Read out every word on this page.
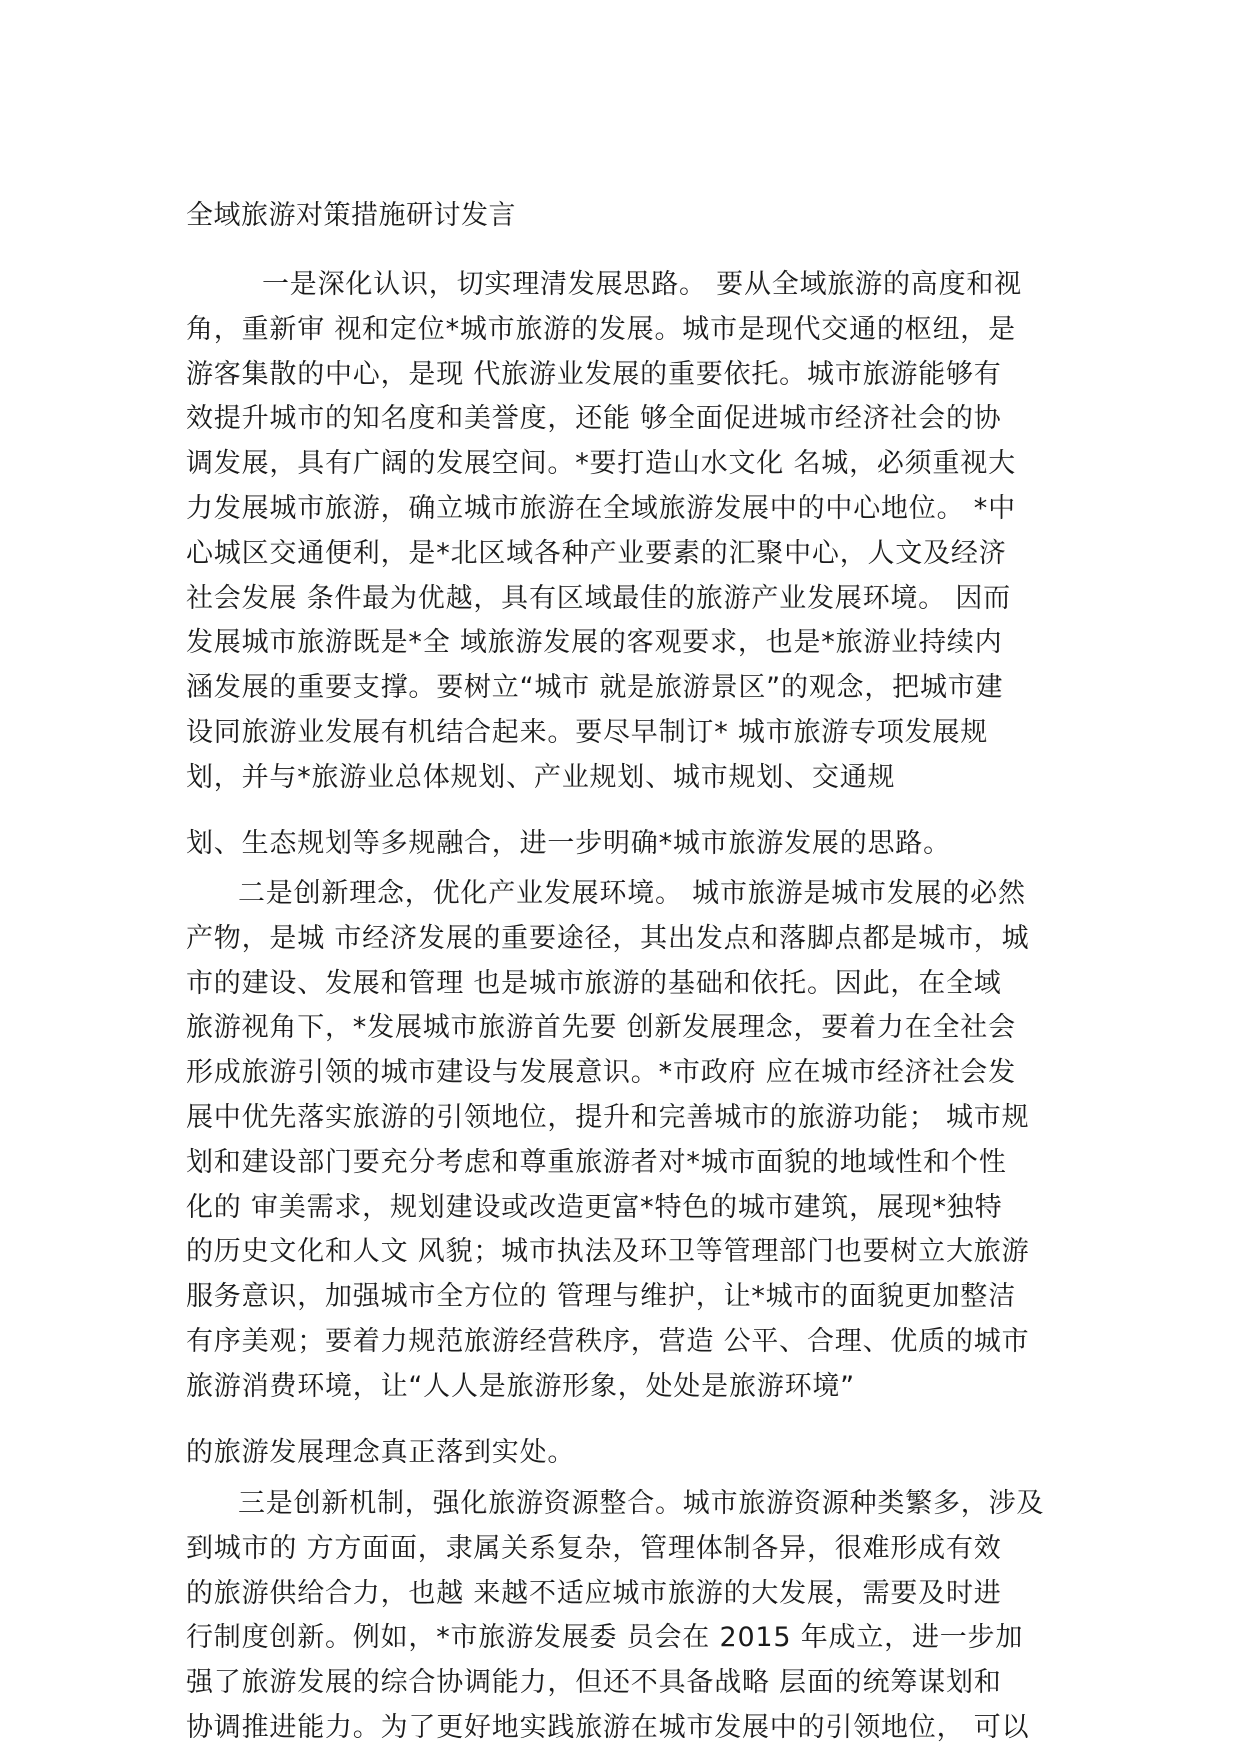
全域旅游对策措施研讨发言
一是深化认识，切实理清发展思路。 要从全域旅游的高度和视
角，重新审 视和定位*城市旅游的发展。城市是现代交通的枢纽，是
游客集散的中心，是现 代旅游业发展的重要依托。城市旅游能够有
效提升城市的知名度和美誉度，还能 够全面促进城市经济社会的协
调发展，具有广阔的发展空间。*要打造山水文化 名城，必须重视大
力发展城市旅游，确立城市旅游在全域旅游发展中的中心地位。 *中
心城区交通便利，是*北区域各种产业要素的汇聚中心，人文及经济
社会发展 条件最为优越，具有区域最佳的旅游产业发展环境。 因而
发展城市旅游既是*全 域旅游发展的客观要求，也是*旅游业持续内
涵发展的重要支撑。要树立“城市 就是旅游景区”的观念，把城市建
设同旅游业发展有机结合起来。要尽早制订* 城市旅游专项发展规
划，并与*旅游业总体规划、产业规划、城市规划、交通规
划、生态规划等多规融合，进一步明确*城市旅游发展的思路。
二是创新理念，优化产业发展环境。 城市旅游是城市发展的必然
产物，是城 市经济发展的重要途径，其出发点和落脚点都是城市，城
市的建设、发展和管理 也是城市旅游的基础和依托。因此，在全域
旅游视角下，*发展城市旅游首先要 创新发展理念，要着力在全社会
形成旅游引领的城市建设与发展意识。*市政府 应在城市经济社会发
展中优先落实旅游的引领地位，提升和完善城市的旅游功能； 城市规
划和建设部门要充分考虑和尊重旅游者对*城市面貌的地域性和个性
化的 审美需求，规划建设或改造更富*特色的城市建筑，展现*独特
的历史文化和人文 风貌；城市执法及环卫等管理部门也要树立大旅游
服务意识，加强城市全方位的 管理与维护，让*城市的面貌更加整洁
有序美观；要着力规范旅游经营秩序，营造 公平、合理、优质的城市
旅游消费环境，让“人人是旅游形象，处处是旅游环境”
的旅游发展理念真正落到实处。
三是创新机制，强化旅游资源整合。城市旅游资源种类繁多，涉及
到城市的 方方面面，隶属关系复杂，管理体制各异，很难形成有效
的旅游供给合力，也越 来越不适应城市旅游的大发展，需要及时进
行制度创新。例如，*市旅游发展委 员会在 2015 年成立，进一步加
强了旅游发展的综合协调能力，但还不具备战略 层面的统筹谋划和
协调推进能力。为了更好地实践旅游在城市发展中的引领地位， 可以
